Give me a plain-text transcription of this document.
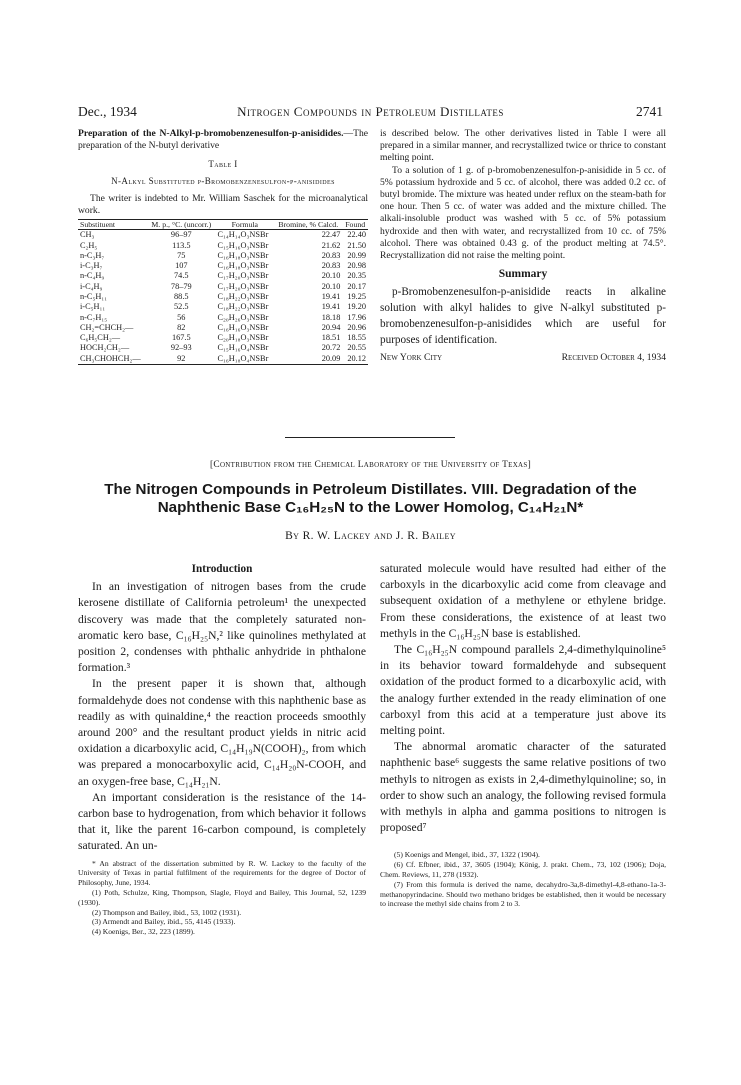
Dec., 1934	Nitrogen Compounds in Petroleum Distillates	2741

Preparation of the N-Alkyl-p-bromobenzenesulfon-p-anisidides.—The preparation of the N-butyl derivative

Table I
N-Alkyl Substituted p-Bromobenzenesulfon-p-anisidides

The writer is indebted to Mr. William Saschek for the microanalytical work.

Substituent	M. p., °C. (uncorr.)	Formula	Bromine, % Calcd.	Found
CH₃	96–97	C₁₄H₁₄O₃NSBr	22.47	22.40
C₂H₅	113.5	C₁₅H₁₆O₃NSBr	21.62	21.50
n-C₃H₇	75	C₁₆H₁₈O₃NSBr	20.83	20.99
i-C₃H₇	107	C₁₆H₁₈O₃NSBr	20.83	20.98
n-C₄H₉	74.5	C₁₇H₂₀O₃NSBr	20.10	20.35
i-C₄H₉	78–79	C₁₇H₂₀O₃NSBr	20.10	20.17
n-C₅H₁₁	88.5	C₁₈H₂₂O₃NSBr	19.41	19.25
i-C₅H₁₁	52.5	C₁₈H₂₂O₃NSBr	19.41	19.20
n-C₇H₁₅	56	C₂₀H₂₆O₃NSBr	18.18	17.96
CH₂=CHCH₂—	82	C₁₆H₁₆O₃NSBr	20.94	20.96
C₆H₅CH₂—	167.5	C₂₀H₁₈O₃NSBr	18.51	18.55
HOCH₂CH₂—	92–93	C₁₅H₁₆O₄NSBr	20.72	20.55
CH₃CHOHCH₂—	92	C₁₆H₁₈O₄NSBr	20.09	20.12

is described below. The other derivatives listed in Table I were all prepared in a similar manner, and recrystallized twice or thrice to constant melting point.

To a solution of 1 g. of p-bromobenzenesulfon-p-anisidide in 5 cc. of 5% potassium hydroxide and 5 cc. of alcohol, there was added 0.2 cc. of butyl bromide. The mixture was heated under reflux on the steam-bath for one hour. Then 5 cc. of water was added and the mixture chilled. The alkali-insoluble product was washed with 5 cc. of 5% potassium hydroxide and then with water, and recrystallized from 10 cc. of 75% alcohol. There was obtained 0.43 g. of the product melting at 74.5°. Recrystallization did not raise the melting point.

Summary
p-Bromobenzenesulfon-p-anisidide reacts in alkaline solution with alkyl halides to give N-alkyl substituted p-bromobenzenesulfon-p-anisidides which are useful for purposes of identification.
New York City	Received October 4, 1934
[Contribution from the Chemical Laboratory of the University of Texas]
The Nitrogen Compounds in Petroleum Distillates. VIII. Degradation of the
Naphthenic Base C₁₆H₂₅N to the Lower Homolog, C₁₄H₂₁N*
By R. W. Lackey and J. R. Bailey
Introduction

In an investigation of nitrogen bases from the crude kerosene distillate of California petroleum¹ the unexpected discovery was made that the completely saturated non-aromatic kero base, C₁₆H₂₅N,² like quinolines methylated at position 2, condenses with phthalic anhydride in phthalone formation.³

In the present paper it is shown that, although formaldehyde does not condense with this naphthenic base as readily as with quinaldine,⁴ the reaction proceeds smoothly around 200° and the resultant product yields in nitric acid oxidation a dicarboxylic acid, C₁₄H₁₉N(COOH)₂, from which was prepared a monocarboxylic acid, C₁₄H₂₀N-COOH, and an oxygen-free base, C₁₄H₂₁N.

An important consideration is the resistance of the 14-carbon base to hydrogenation, from which behavior it follows that it, like the parent 16-carbon compound, is completely saturated. An un-

* An abstract of the dissertation submitted by R. W. Lackey to the faculty of the University of Texas in partial fulfilment of the requirements for the degree of Doctor of Philosophy, June, 1934.

(1) Poth, Schulze, King, Thompson, Slagle, Floyd and Bailey, This Journal, 52, 1239 (1930).

(2) Thompson and Bailey, ibid., 53, 1002 (1931).

(3) Armendt and Bailey, ibid., 55, 4145 (1933).

(4) Koenigs, Ber., 32, 223 (1899).

saturated molecule would have resulted had either of the carboxyls in the dicarboxylic acid come from cleavage and subsequent oxidation of a methylene or ethylene bridge. From these considerations, the existence of at least two methyls in the C₁₆H₂₅N base is established.

The C₁₆H₂₅N compound parallels 2,4-dimethylquinoline⁵ in its behavior toward formaldehyde and subsequent oxidation of the product formed to a dicarboxylic acid, with the analogy further extended in the ready elimination of one carboxyl from this acid at a temperature just above its melting point.

The abnormal aromatic character of the saturated naphthenic base⁶ suggests the same relative positions of two methyls to nitrogen as exists in 2,4-dimethylquinoline; so, in order to show such an analogy, the following revised formula with methyls in alpha and gamma positions to nitrogen is proposed⁷

(5) Koenigs and Mengel, ibid., 37, 1322 (1904).

(6) Cf. Efbner, ibid., 37, 3605 (1904); König, J. prakt. Chem., 73, 102 (1906); Doja, Chem. Reviews, 11, 278 (1932).

(7) From this formula is derived the name, decahydro-3a,8-dimethyl-4,8-ethano-1a-3-methanopyrindacine. Should two methano bridges be established, then it would be necessary to increase the methyl side chains from 2 to 3.
